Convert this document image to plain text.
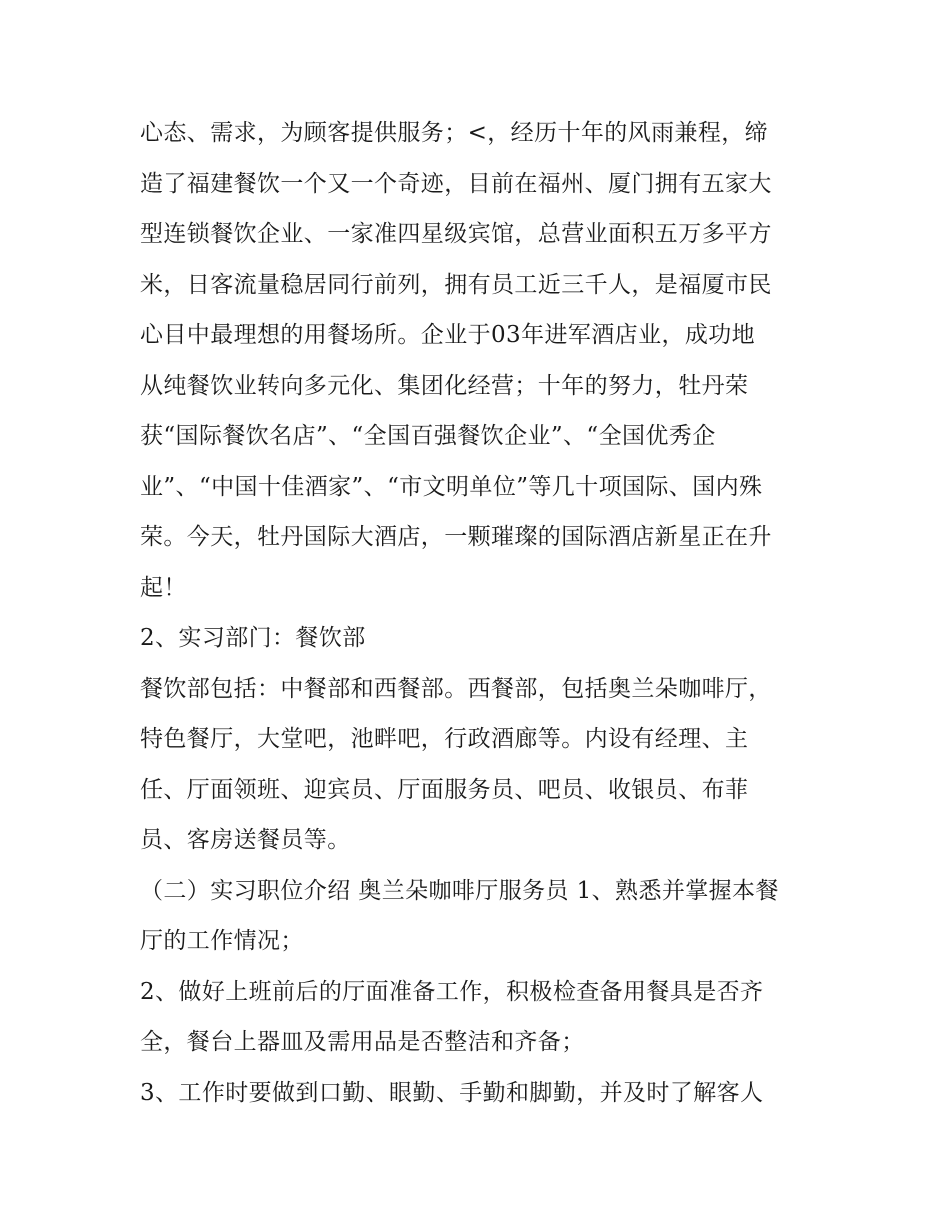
心态、需求，为顾客提供服务；<，经历十年的风雨兼程，缔
造了福建餐饮一个又一个奇迹，目前在福州、厦门拥有五家大
型连锁餐饮企业、一家准四星级宾馆，总营业面积五万多平方
米，日客流量稳居同行前列，拥有员工近三千人，是福厦市民
心目中最理想的用餐场所。企业于03年进军酒店业，成功地
从纯餐饮业转向多元化、集团化经营；十年的努力，牡丹荣
获“国际餐饮名店”、“全国百强餐饮企业”、“全国优秀企
业”、“中国十佳酒家”、“市文明单位”等几十项国际、国内殊
荣。今天，牡丹国际大酒店，一颗璀璨的国际酒店新星正在升
起！
2、实习部门：餐饮部
餐饮部包括：中餐部和西餐部。西餐部，包括奥兰朵咖啡厅，
特色餐厅，大堂吧，池畔吧，行政酒廊等。内设有经理、主
任、厅面领班、迎宾员、厅面服务员、吧员、收银员、布菲
员、客房送餐员等。
（二）实习职位介绍 奥兰朵咖啡厅服务员 1、熟悉并掌握本餐
厅的工作情况；
2、做好上班前后的厅面准备工作，积极检查备用餐具是否齐
全，餐台上器皿及需用品是否整洁和齐备；
3、工作时要做到口勤、眼勤、手勤和脚勤，并及时了解客人
